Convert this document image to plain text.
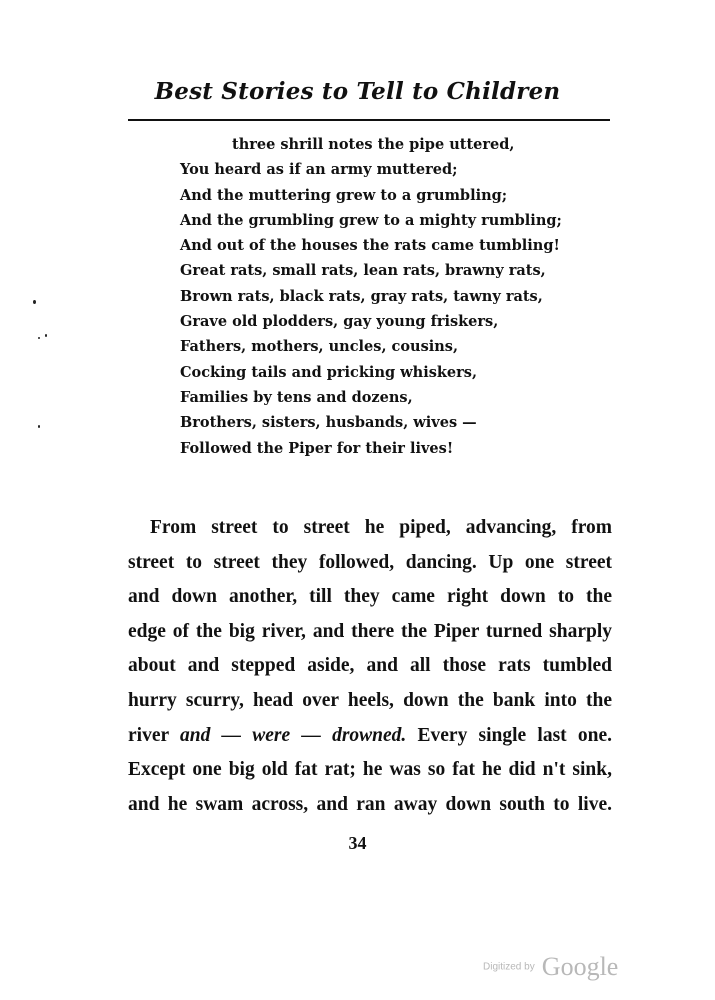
Best Stories to Tell to Children
three shrill notes the pipe uttered,
You heard as if an army muttered;
And the muttering grew to a grumbling;
And the grumbling grew to a mighty rumbling;
And out of the houses the rats came tumbling!
Great rats, small rats, lean rats, brawny rats,
Brown rats, black rats, gray rats, tawny rats,
Grave old plodders, gay young friskers,
Fathers, mothers, uncles, cousins,
Cocking tails and pricking whiskers,
Families by tens and dozens,
Brothers, sisters, husbands, wives —
Followed the Piper for their lives!
From street to street he piped, advancing, from
street to street they followed, dancing. Up one street
and down another, till they came right down to the
edge of the big river, and there the Piper turned sharply
about and stepped aside, and all those rats tumbled
hurry scurry, head over heels, down the bank into the
river and — were — drowned. Every single last one.
Except one big old fat rat; he was so fat he did n't sink,
and he swam across, and ran away down south to live.
34
Digitized by Google
